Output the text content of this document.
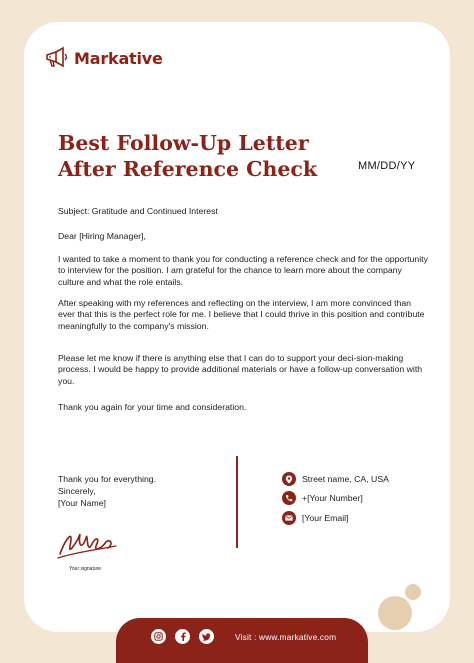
Markative
Best Follow-Up Letter After Reference Check	MM/DD/YY
Subject: Gratitude and Continued Interest
Dear [Hiring Manager],
I wanted to take a moment to thank you for conducting a reference check and for the opportunity to interview for the position. I am grateful for the chance to learn more about the company culture and what the role entails.
After speaking with my references and reflecting on the interview, I am more convinced than ever that this is the perfect role for me. I believe that I could thrive in this position and contribute meaningfully to the company's mission.
Please let me know if there is anything else that I can do to support your deci-sion-making process. I would be happy to provide additional materials or have a follow-up conversation with you.
Thank you again for your time and consideration.
Thank you for everything.
Sincerely,
[Your Name]
Your signature
Street name, CA, USA
+[Your Number]
[Your Email]
Visit : www.markative.com
